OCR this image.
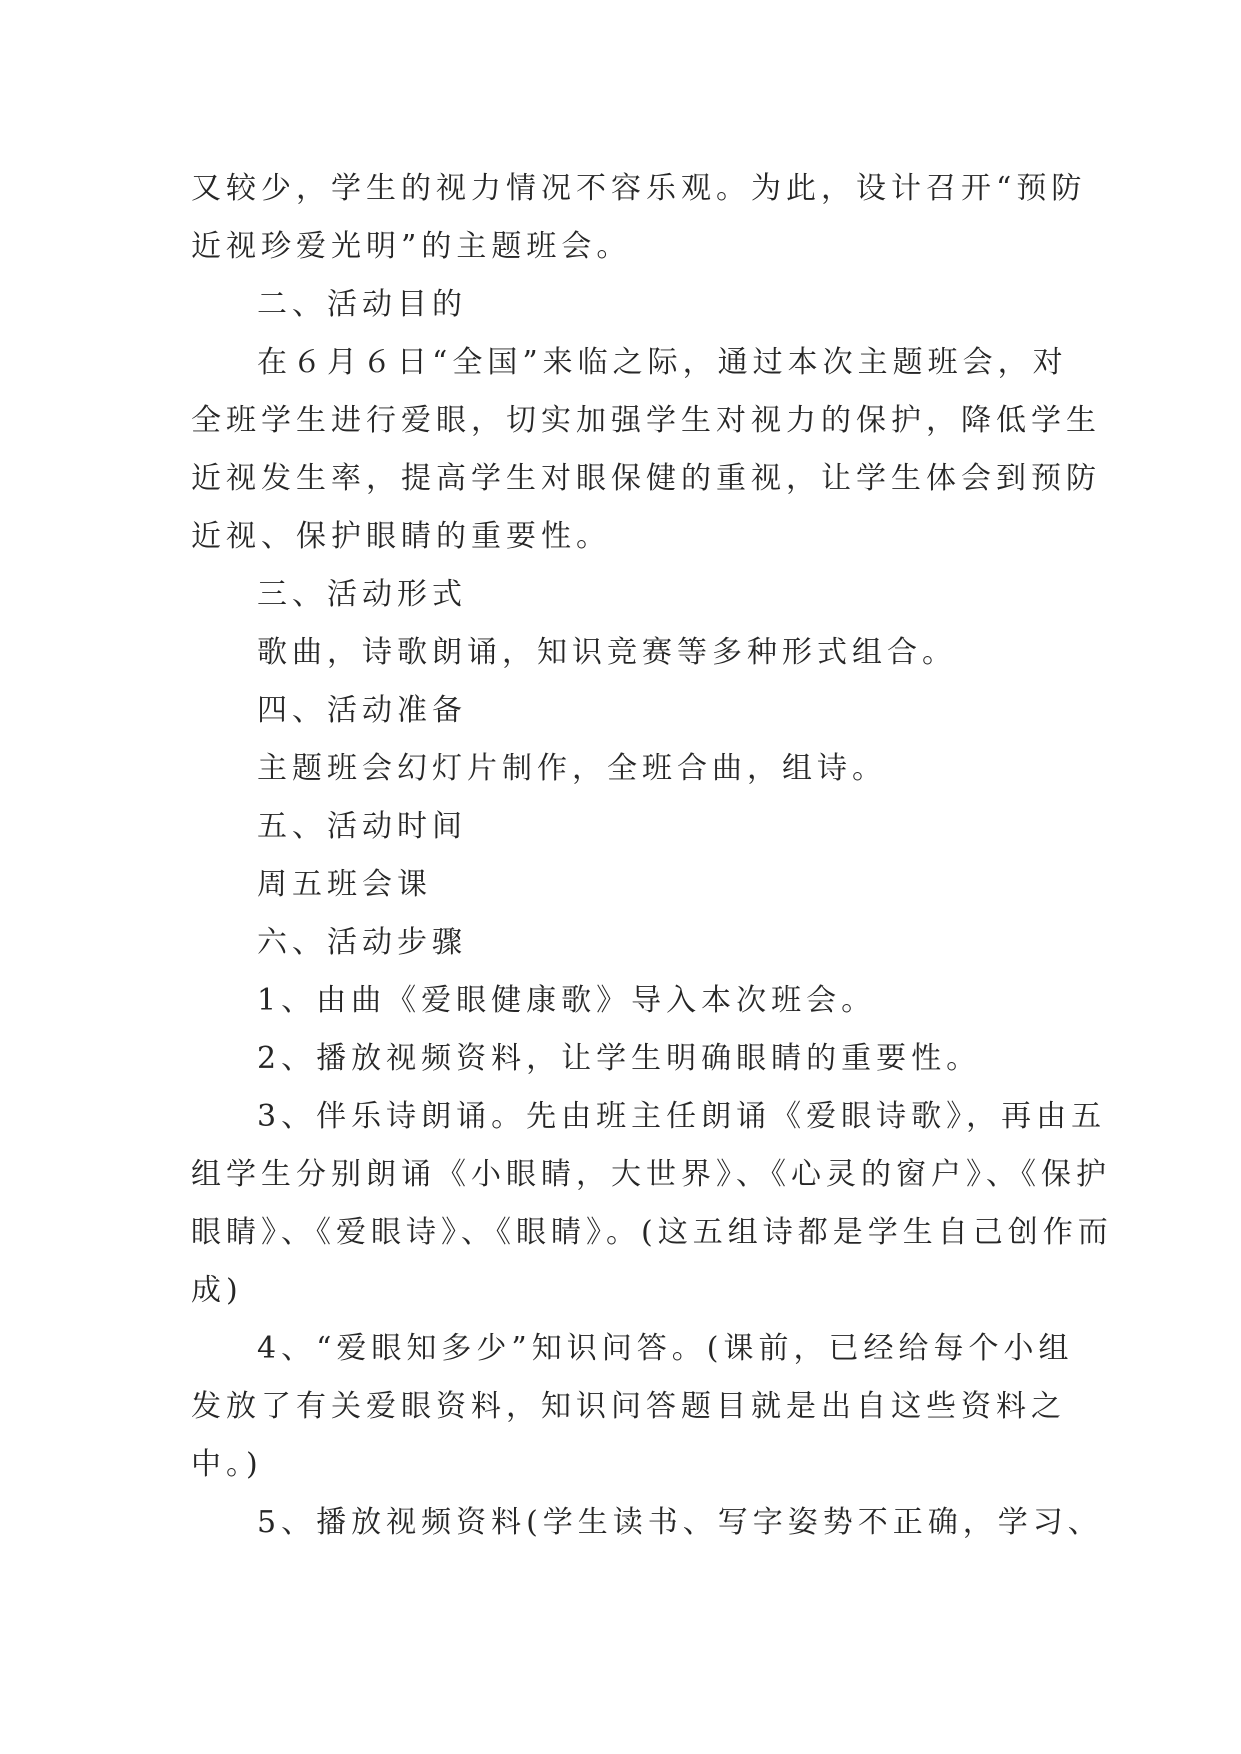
又较少，学生的视力情况不容乐观。为此，设计召开“预防
近视珍爱光明”的主题班会。
二、活动目的
在６月６日“全国”来临之际，通过本次主题班会，对
全班学生进行爱眼，切实加强学生对视力的保护，降低学生
近视发生率，提高学生对眼保健的重视，让学生体会到预防
近视、保护眼睛的重要性。
三、活动形式
歌曲，诗歌朗诵，知识竞赛等多种形式组合。
四、活动准备
主题班会幻灯片制作，全班合曲，组诗。
五、活动时间
周五班会课
六、活动步骤
1、由曲《爱眼健康歌》导入本次班会。
2、播放视频资料，让学生明确眼睛的重要性。
3、伴乐诗朗诵。先由班主任朗诵《爱眼诗歌》，再由五
组学生分别朗诵《小眼睛，大世界》、《心灵的窗户》、《保护
眼睛》、《爱眼诗》、《眼睛》。(这五组诗都是学生自己创作而
成)
4、“爱眼知多少”知识问答。(课前，已经给每个小组
发放了有关爱眼资料，知识问答题目就是出自这些资料之
中。)
5、播放视频资料(学生读书、写字姿势不正确，学习、
